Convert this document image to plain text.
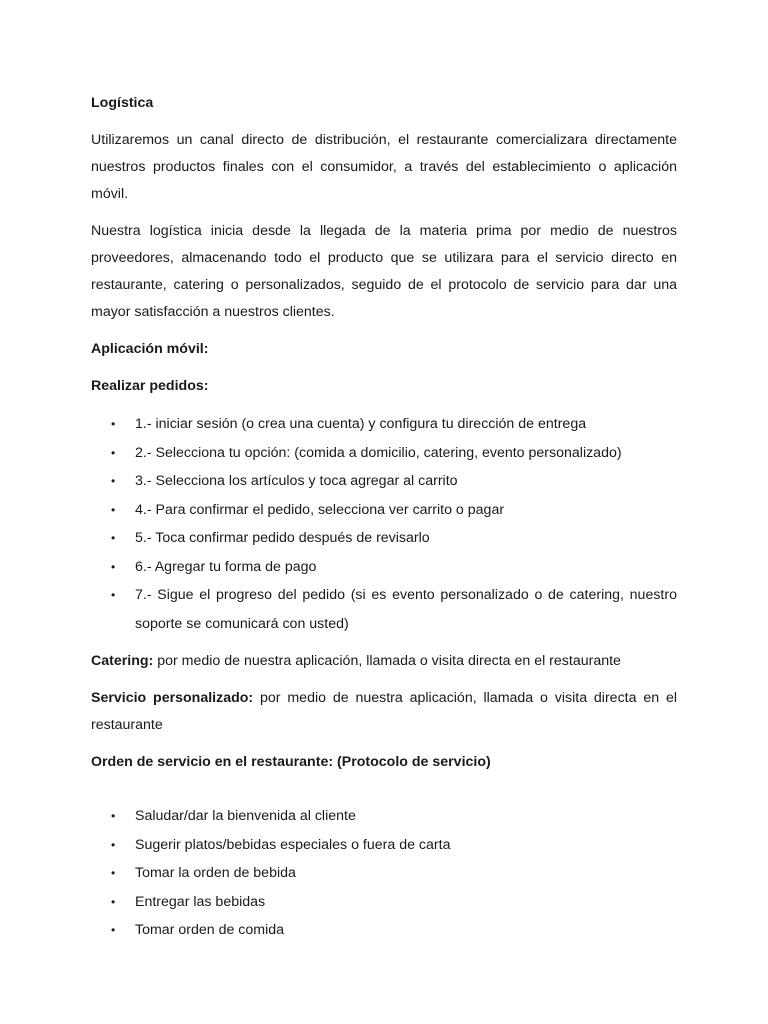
Logística

Utilizaremos un canal directo de distribución, el restaurante comercializara directamente nuestros productos finales con el consumidor, a través del establecimiento o aplicación móvil.

Nuestra logística inicia desde la llegada de la materia prima por medio de nuestros proveedores, almacenando todo el producto que se utilizara para el servicio directo en restaurante, catering o personalizados, seguido de el protocolo de servicio para dar una mayor satisfacción a nuestros clientes.

Aplicación móvil:
Realizar pedidos:
• 1.- iniciar sesión (o crea una cuenta) y configura tu dirección de entrega
• 2.- Selecciona tu opción: (comida a domicilio, catering, evento personalizado)
• 3.- Selecciona los artículos y toca agregar al carrito
• 4.- Para confirmar el pedido, selecciona ver carrito o pagar
• 5.- Toca confirmar pedido después de revisarlo
• 6.- Agregar tu forma de pago
• 7.- Sigue el progreso del pedido (si es evento personalizado o de catering, nuestro soporte se comunicará con usted)

Catering: por medio de nuestra aplicación, llamada o visita directa en el restaurante

Servicio personalizado: por medio de nuestra aplicación, llamada o visita directa en el restaurante

Orden de servicio en el restaurante: (Protocolo de servicio)
• Saludar/dar la bienvenida al cliente
• Sugerir platos/bebidas especiales o fuera de carta
• Tomar la orden de bebida
• Entregar las bebidas
• Tomar orden de comida
